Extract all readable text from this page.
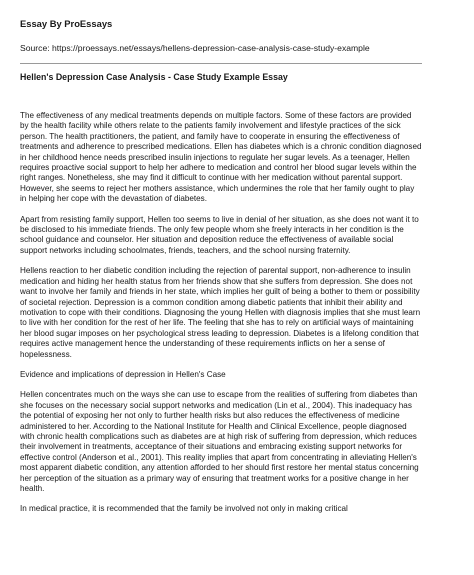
Essay By ProEssays
Source: https://proessays.net/essays/hellens-depression-case-analysis-case-study-example
Hellen's Depression Case Analysis - Case Study Example Essay

The effectiveness of any medical treatments depends on multiple factors. Some of these factors are provided by the health facility while others relate to the patients family involvement and lifestyle practices of the sick person. The health practitioners, the patient, and family have to cooperate in ensuring the effectiveness of treatments and adherence to prescribed medications. Ellen has diabetes which is a chronic condition diagnosed in her childhood hence needs prescribed insulin injections to regulate her sugar levels. As a teenager, Hellen requires proactive social support to help her adhere to medication and control her blood sugar levels within the right ranges. Nonetheless, she may find it difficult to continue with her medication without parental support. However, she seems to reject her mothers assistance, which undermines the role that her family ought to play in helping her cope with the devastation of diabetes.

Apart from resisting family support, Hellen too seems to live in denial of her situation, as she does not want it to be disclosed to his immediate friends. The only few people whom she freely interacts in her condition is the school guidance and counselor. Her situation and deposition reduce the effectiveness of available social support networks including schoolmates, friends, teachers, and the school nursing fraternity.

Hellens reaction to her diabetic condition including the rejection of parental support, non-adherence to insulin medication and hiding her health status from her friends show that she suffers from depression. She does not want to involve her family and friends in her state, which implies her guilt of being a bother to them or possibility of societal rejection. Depression is a common condition among diabetic patients that inhibit their ability and motivation to cope with their conditions. Diagnosing the young Hellen with diagnosis implies that she must learn to live with her condition for the rest of her life. The feeling that she has to rely on artificial ways of maintaining her blood sugar imposes on her psychological stress leading to depression. Diabetes is a lifelong condition that requires active management hence the understanding of these requirements inflicts on her a sense of hopelessness.

Evidence and implications of depression in Hellen's Case

Hellen concentrates much on the ways she can use to escape from the realities of suffering from diabetes than she focuses on the necessary social support networks and medication (Lin et al., 2004). This inadequacy has the potential of exposing her not only to further health risks but also reduces the effectiveness of medicine administered to her. According to the National Institute for Health and Clinical Excellence, people diagnosed with chronic health complications such as diabetes are at high risk of suffering from depression, which reduces their involvement in treatments, acceptance of their situations and embracing existing support networks for effective control (Anderson et al., 2001). This reality implies that apart from concentrating in alleviating Hellen's most apparent diabetic condition, any attention afforded to her should first restore her mental status concerning her perception of the situation as a primary way of ensuring that treatment works for a positive change in her health.

In medical practice, it is recommended that the family be involved not only in making critical
